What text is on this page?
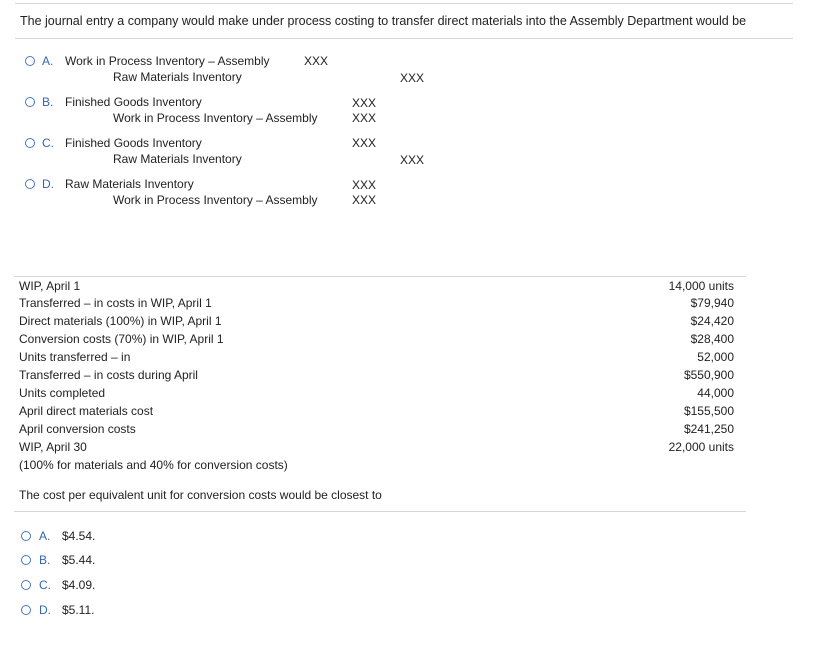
The journal entry a company would make under process costing to transfer direct materials into the Assembly Department would be
A. Work in Process Inventory – Assembly	XXX
Raw Materials Inventory	XXX
B. Finished Goods Inventory	XXX
Work in Process Inventory – Assembly	XXX
C. Finished Goods Inventory	XXX
Raw Materials Inventory	XXX
D. Raw Materials Inventory	XXX
Work in Process Inventory – Assembly	XXX
WIP, April 1	14,000 units
Transferred – in costs in WIP, April 1	$79,940
Direct materials (100%) in WIP, April 1	$24,420
Conversion costs (70%) in WIP, April 1	$28,400
Units transferred – in	52,000
Transferred – in costs during April	$550,900
Units completed	44,000
April direct materials cost	$155,500
April conversion costs	$241,250
WIP, April 30	22,000 units
(100% for materials and 40% for conversion costs)
The cost per equivalent unit for conversion costs would be closest to
A. $4.54.
B. $5.44.
C. $4.09.
D. $5.11.
